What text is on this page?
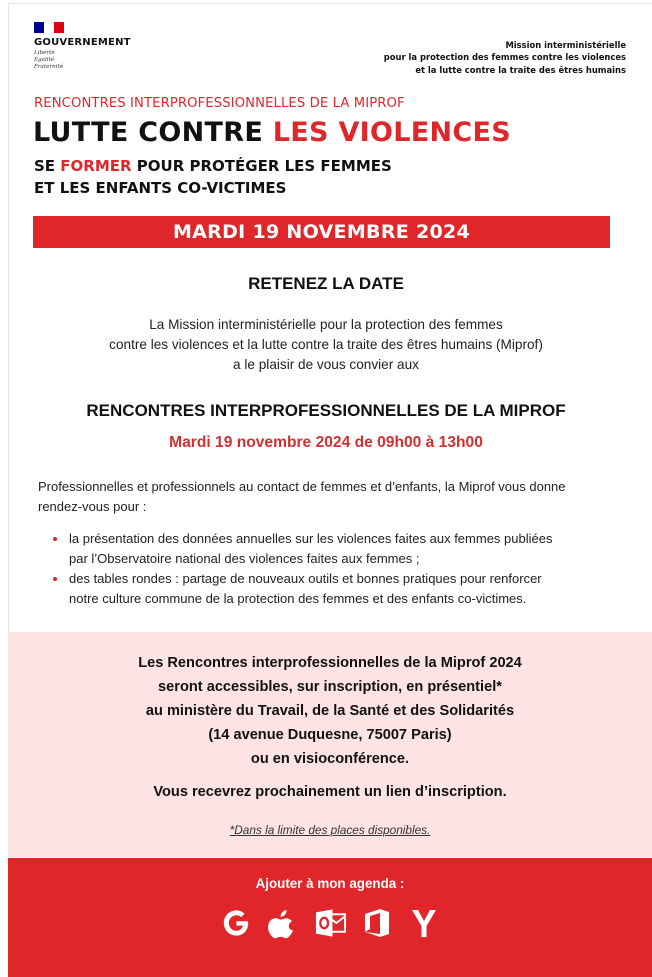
GOUVERNEMENT
Liberté
Égalité
Fraternité
Mission interministérielle
pour la protection des femmes contre les violences
et la lutte contre la traite des êtres humains
RENCONTRES INTERPROFESSIONNELLES DE LA MIPROF
LUTTE CONTRE LES VIOLENCES
SE FORMER POUR PROTÉGER LES FEMMES
ET LES ENFANTS CO-VICTIMES
MARDI 19 NOVEMBRE 2024
RETENEZ LA DATE
La Mission interministérielle pour la protection des femmes
contre les violences et la lutte contre la traite des êtres humains (Miprof)
a le plaisir de vous convier aux
RENCONTRES INTERPROFESSIONNELLES DE LA MIPROF
Mardi 19 novembre 2024 de 09h00 à 13h00
Professionnelles et professionnels au contact de femmes et d’enfants, la Miprof vous donne
rendez-vous pour :
la présentation des données annuelles sur les violences faites aux femmes publiées
par l’Observatoire national des violences faites aux femmes ;
des tables rondes : partage de nouveaux outils et bonnes pratiques pour renforcer
notre culture commune de la protection des femmes et des enfants co-victimes.
Les Rencontres interprofessionnelles de la Miprof 2024
seront accessibles, sur inscription, en présentiel*
au ministère du Travail, de la Santé et des Solidarités
(14 avenue Duquesne, 75007 Paris)
ou en visioconférence.
Vous recevrez prochainement un lien d’inscription.
*Dans la limite des places disponibles.
Ajouter à mon agenda :
